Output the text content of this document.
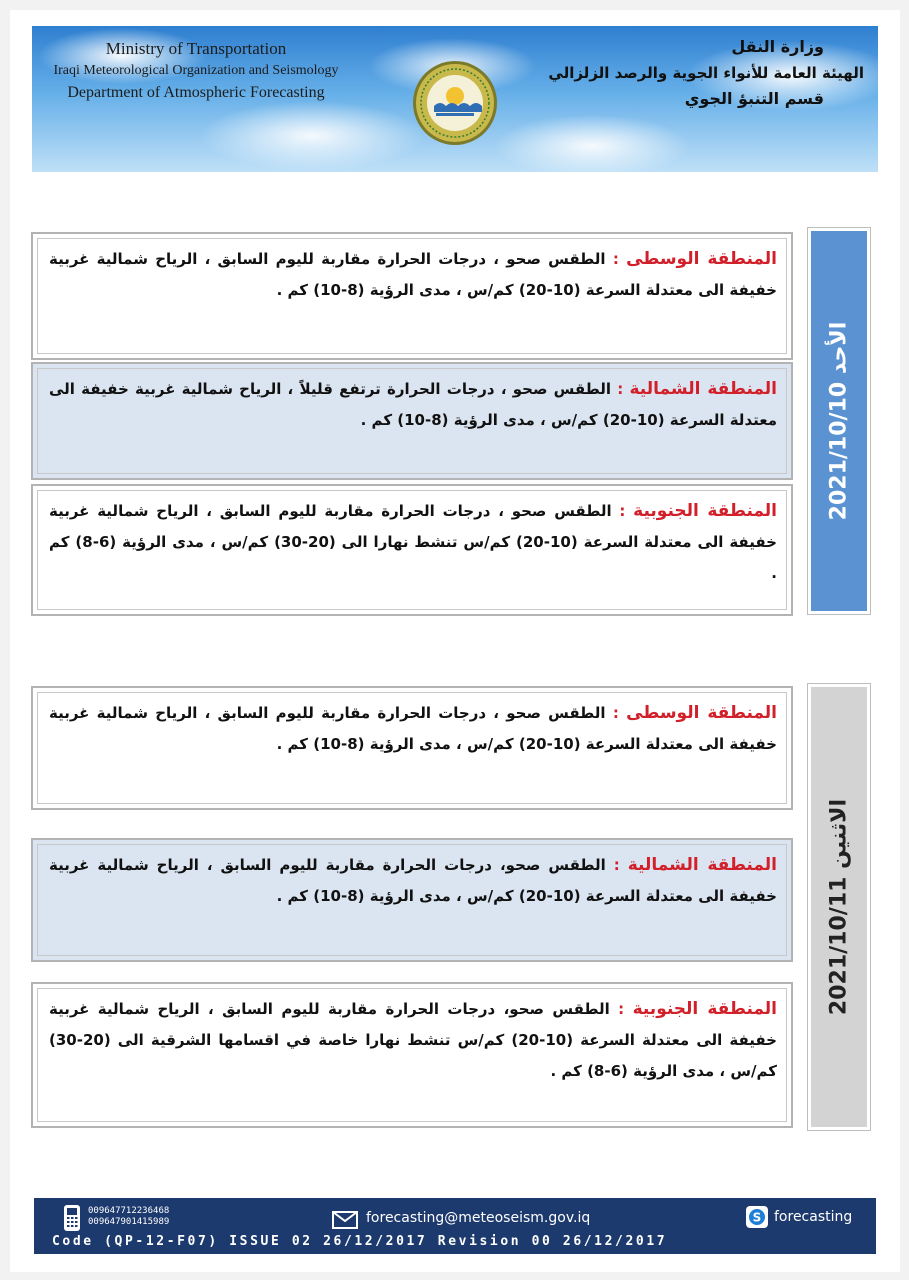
Ministry of Transportation
Iraqi Meteorological Organization and Seismology
Department of Atmospheric Forecasting
وزارة النقل
الهيئة العامة للأنواء الجوية والرصد الزلزالي
قسم التنبؤ الجوي
المنطقة الوسطى : الطقس صحو ، درجات الحرارة مقاربة لليوم السابق ، الرياح شمالية غربية خفيفة الى معتدلة السرعة (10-20) كم/س ، مدى الرؤية (8-10) كم .
المنطقة الشمالية : الطقس صحو ، درجات الحرارة ترتفع قليلاً ، الرياح شمالية غربية خفيفة الى معتدلة السرعة (10-20) كم/س ، مدى الرؤية (8-10) كم .
المنطقة الجنوبية : الطقس صحو ، درجات الحرارة مقاربة لليوم السابق ، الرياح شمالية غربية خفيفة الى معتدلة السرعة (10-20) كم/س تنشط نهارا الى (20-30) كم/س ، مدى الرؤية (6-8) كم .
2021/10/10 الأحد
المنطقة الوسطى : الطقس صحو ، درجات الحرارة مقاربة لليوم السابق ، الرياح شمالية غربية خفيفة الى معتدلة السرعة (10-20) كم/س ، مدى الرؤية (8-10) كم .
المنطقة الشمالية : الطقس صحو، درجات الحرارة مقاربة لليوم السابق ، الرياح شمالية غربية خفيفة الى معتدلة السرعة (10-20) كم/س ، مدى الرؤية (8-10) كم .
المنطقة الجنوبية : الطقس صحو، درجات الحرارة مقاربة لليوم السابق ، الرياح شمالية غربية خفيفة الى معتدلة السرعة (10-20) كم/س تنشط نهارا خاصة في اقسامها الشرقية الى (20-30) كم/س ، مدى الرؤية (6-8) كم .
2021/10/11 الاثنين
009647712236468
009647901415989	forecasting@meteoseism.gov.iq	S forecasting
Code (QP-12-F07) ISSUE 02 26/12/2017 Revision 00 26/12/2017
